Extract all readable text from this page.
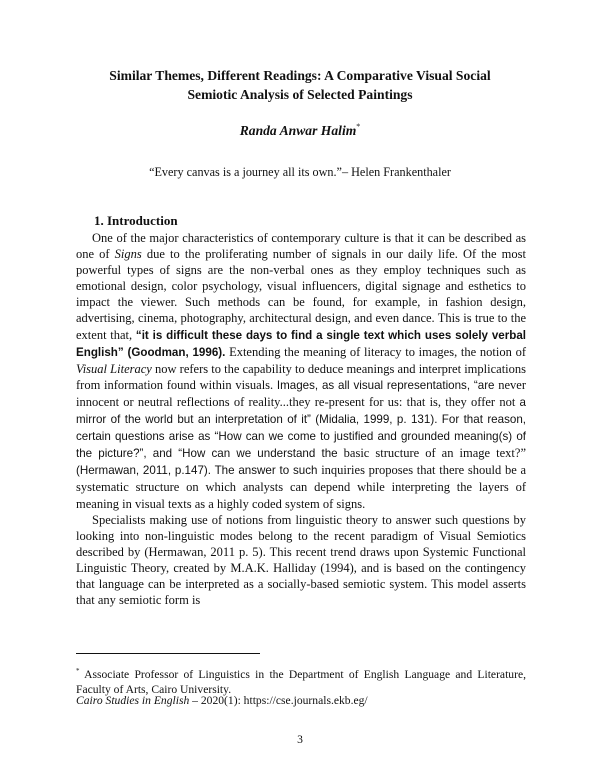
Similar Themes, Different Readings: A Comparative Visual Social
Semiotic Analysis of Selected Paintings
Randa Anwar Halim*
“Every canvas is a journey all its own.”– Helen Frankenthaler
1. Introduction

One of the major characteristics of contemporary culture is that it can be described as one of Signs due to the proliferating number of signals in our daily life. Of the most powerful types of signs are the non-verbal ones as they employ techniques such as emotional design, color psychology, visual influencers, digital signage and esthetics to impact the viewer. Such methods can be found, for example, in fashion design, advertising, cinema, photography, architectural design, and even dance. This is true to the extent that, “it is difficult these days to find a single text which uses solely verbal English” (Goodman, 1996). Extending the meaning of literacy to images, the notion of Visual Literacy now refers to the capability to deduce meanings and interpret implications from information found within visuals. Images, as all visual representations, “are never innocent or neutral reflections of reality...they re-present for us: that is, they offer not a mirror of the world but an interpretation of it” (Midalia, 1999, p. 131). For that reason, certain questions arise as “How can we come to justified and grounded meaning(s) of the picture?”, and “How can we understand the basic structure of an image text?” (Hermawan, 2011, p.147). The answer to such inquiries proposes that there should be a systematic structure on which analysts can depend while interpreting the layers of meaning in visual texts as a highly coded system of signs.

Specialists making use of notions from linguistic theory to answer such questions by looking into non-linguistic modes belong to the recent paradigm of Visual Semiotics described by (Hermawan, 2011 p. 5). This recent trend draws upon Systemic Functional Linguistic Theory, created by M.A.K. Halliday (1994), and is based on the contingency that language can be interpreted as a socially-based semiotic system. This model asserts that any semiotic form is

* Associate Professor of Linguistics in the Department of English Language and Literature, Faculty of Arts, Cairo University.
Cairo Studies in English – 2020(1): https://cse.journals.ekb.eg/
3
